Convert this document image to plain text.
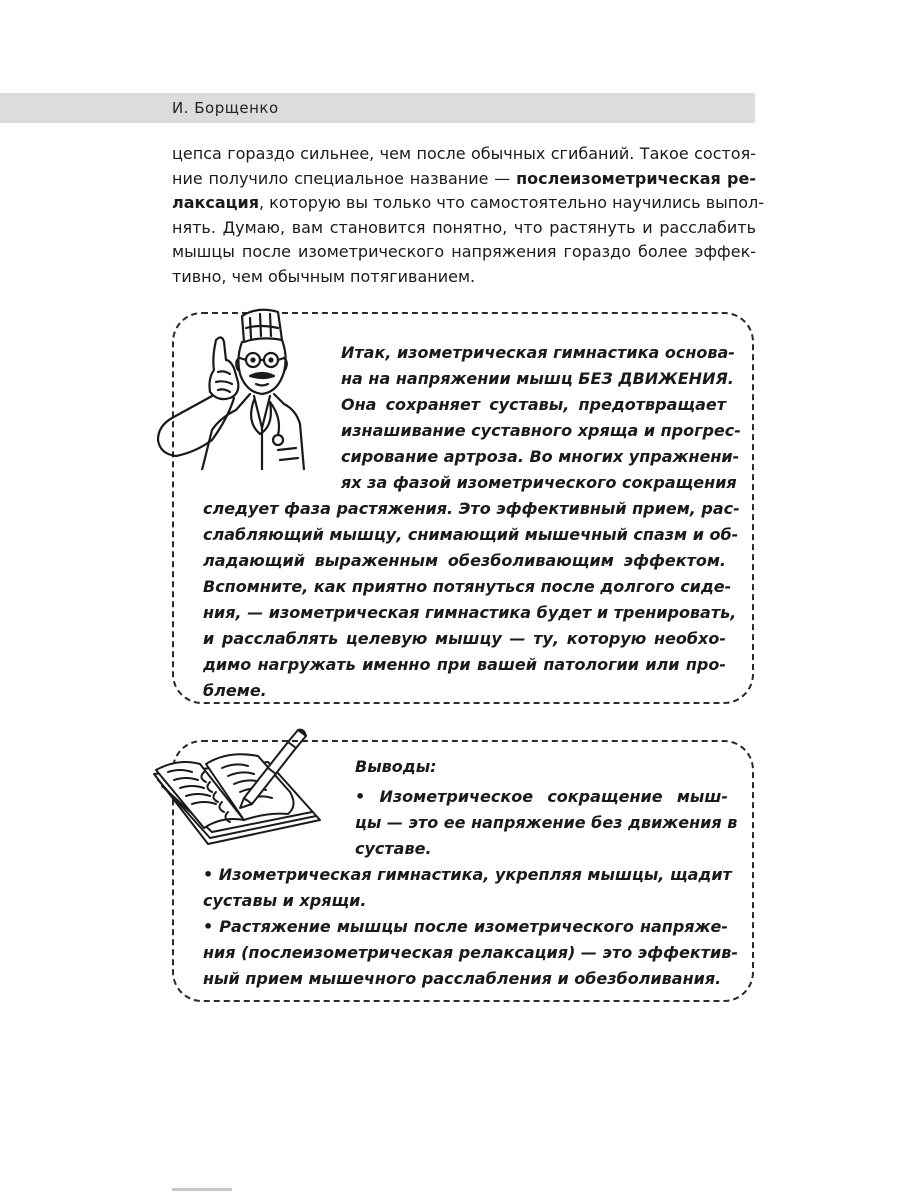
И. Борщенко
цепса гораздо сильнее, чем после обычных сгибаний. Такое состоя-
ние получило специальное название — послеизометрическая ре-
лаксация, которую вы только что самостоятельно научились выпол-
нять. Думаю, вам становится понятно, что растянуть и расслабить
мышцы после изометрического напряжения гораздо более эффек-
тивно, чем обычным потягиванием.
Итак, изометрическая гимнастика основа-
на на напряжении мышц БЕЗ ДВИЖЕНИЯ.
Она сохраняет суставы, предотвращает
изнашивание суставного хряща и прогрес-
сирование артроза. Во многих упражнени-
ях за фазой изометрического сокращения
следует фаза растяжения. Это эффективный прием, рас-
слабляющий мышцу, снимающий мышечный спазм и об-
ладающий выраженным обезболивающим эффектом.
Вспомните, как приятно потянуться после долгого сиде-
ния, — изометрическая гимнастика будет и тренировать,
и расслаблять целевую мышцу — ту, которую необхо-
димо нагружать именно при вашей патологии или про-
блеме.
Выводы:
• Изометрическое сокращение мыш-
цы — это ее напряжение без движения в
суставе.
• Изометрическая гимнастика, укрепляя мышцы, щадит
суставы и хрящи.
• Растяжение мышцы после изометрического напряже-
ния (послеизометрическая релаксация) — это эффектив-
ный прием мышечного расслабления и обезболивания.
